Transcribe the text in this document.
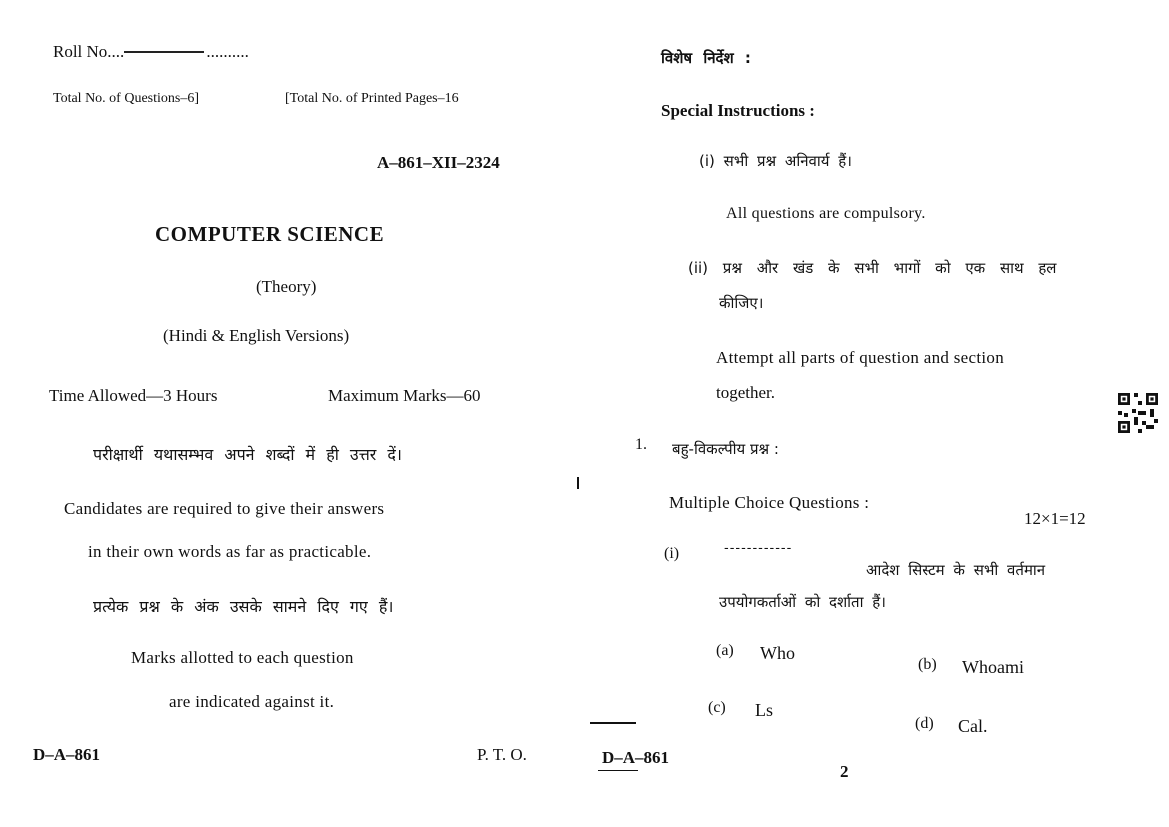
Roll No....	..........
Total No. of Questions–6]	[Total No. of Printed Pages–16
A–861–XII–2324
COMPUTER SCIENCE
(Theory)
(Hindi & English Versions)
Time Allowed—3 Hours	Maximum Marks—60
परीक्षार्थी यथासम्भव अपने शब्दों में ही उत्तर दें।
Candidates are required to give their answers
in their own words as far as practicable.
प्रत्येक प्रश्न के अंक उसके सामने दिए गए हैं।
Marks allotted to each question
are indicated against it.
D–A–861	P. T. O.
विशेष निर्देश :
Special Instructions :
(i) सभी प्रश्न अनिवार्य हैं।
All questions are compulsory.
(ii) प्रश्न और खंड के सभी भागों को एक साथ हल
कीजिए।
Attempt all parts of question and section
together.
1. बहु-विकल्पीय प्रश्न :
Multiple Choice Questions :
12×1=12
(i)	------------
आदेश सिस्टम के सभी वर्तमान
उपयोगकर्ताओं को दर्शाता हैं।
(a) Who
(b) Whoami
(c) Ls
(d) Cal.
D–A–861
2
